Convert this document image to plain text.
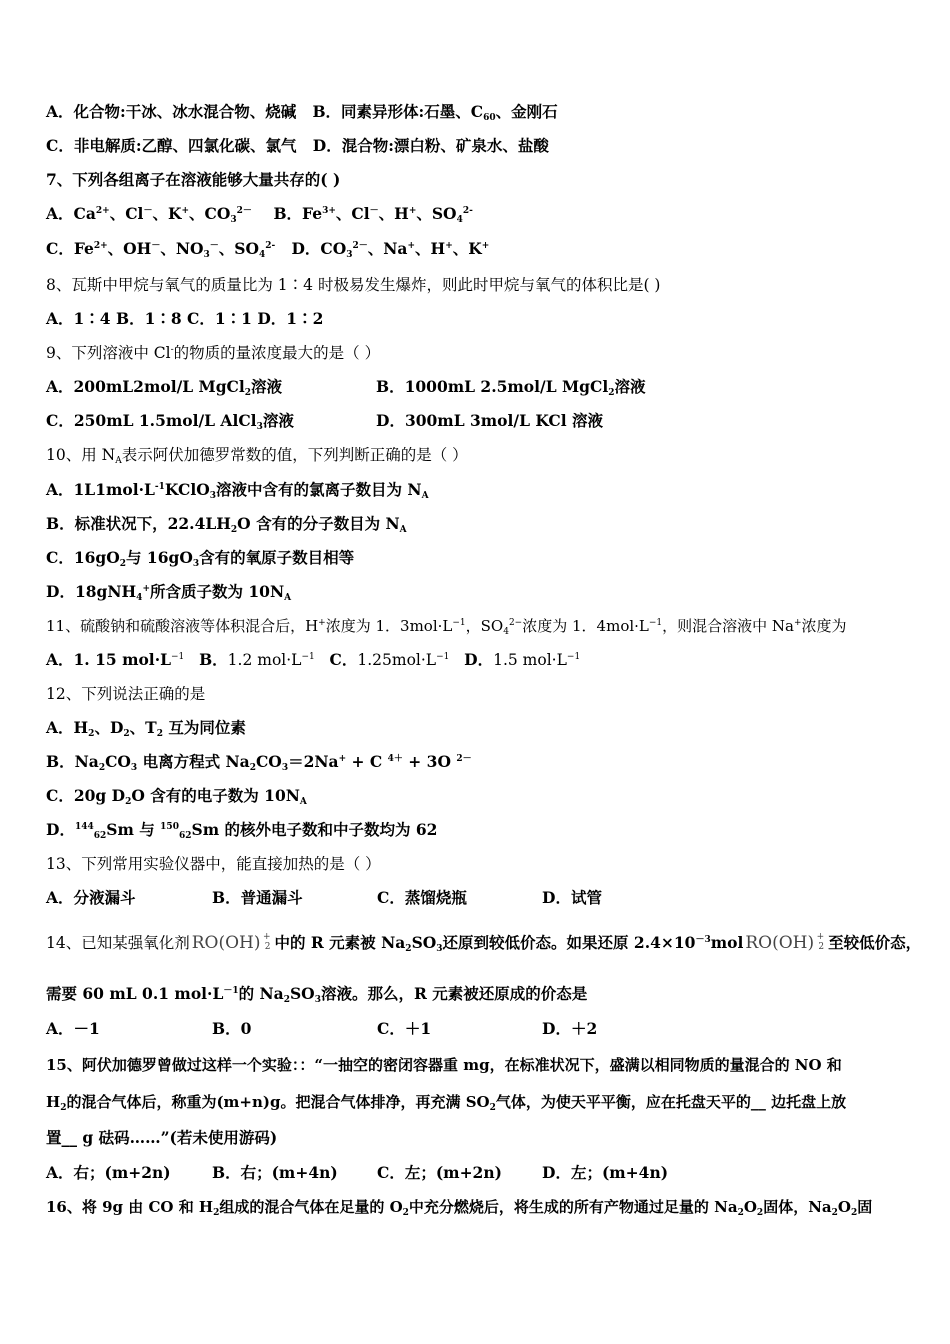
A．化合物:干冰、冰水混合物、烧碱 B．同素异形体:石墨、$C_{60}$、金刚石
C．非电解质:乙醇、四氯化碳、氯气 D．混合物:漂白粉、矿泉水、盐酸
7、下列各组离子在溶液能够大量共存的( )
A．$Ca^{2+}$、Cl－、K+、$CO_3^{2-}$    B．$Fe^{3+}$、Cl－、H+、$SO_4^{2-}$
C．$Fe^{2+}$、OH－、$NO_3^-$、$SO_4^{2-}$   D．$CO_3^{2-}$、Na+、H+、K+
8、瓦斯中甲烷与氧气的质量比为 1∶4 时极易发生爆炸，则此时甲烷与氧气的体积比是( )
A．1∶4 B．1∶8 C．1∶1 D．1∶2
9、下列溶液中 Cl-的物质的量浓度最大的是（ ）
A．200mL2mol/L MgCl$_2$溶液	B．1000mL 2.5mol/L MgCl$_2$溶液
C．250mL 1.5mol/L AlCl$_3$溶液	D．300mL 3mol/L KCl 溶液
10、用 $N_A$表示阿伏加德罗常数的值，下列判断正确的是（ ）
A．$1L1mol\cdot L^{-1}KClO_3$溶液中含有的氯离子数目为 $N_A$
B．标准状况下，$22.4LH_2O$ 含有的分子数目为 $N_A$
C．$16gO_2$与 $16gO_3$含有的氧原子数目相等
D．18gNH$_4$+所含质子数为 $10N_A$
11、硫酸钠和硫酸溶液等体积混合后，H+浓度为 1．$3mol\cdot L^{-1}$，$SO_4^{2-}$浓度为 1．$4mol\cdot L^{-1}$，则混合溶液中 Na+浓度为
A．1. 15 $mol\cdot L^{-1}$ B．1.2 $mol\cdot L^{-1}$ C．$1.25mol\cdot L^{-1}$ D．1.5 $mol\cdot L^{-1}$
12、下列说法正确的是
A．$H_2$、$D_2$、$T_2$ 互为同位素
B．$Na_2CO_3$ 电离方程式 $Na_2CO_3=2Na^+ + C$ $^{4+}$ + 3O $^{2-}$
C．20g $D_2O$ 含有的电子数为 $10N_A$
D．$^{144}_{62}$Sm 与 $^{150}_{62}$Sm 的核外电子数和中子数均为 62
13、下列常用实验仪器中，能直接加热的是（ ）
A．分液漏斗	B．普通漏斗	C．蒸馏烧瓶	D．试管
14、已知某强氧化剂 RO(OH) +
2 中的 R 元素被 $Na_2SO_3$还原到较低价态。如果还原 $2.4\times 10^{-3}mol$ RO(OH) +
2 至较低价态，
需要 60 mL 0.1 $mol\cdot L^{-1}$的 $Na_2SO_3$溶液。那么，R 元素被还原成的价态是
A．－1	B．0	C．＋1	D．＋2
15、阿伏加德罗曾做过这样一个实验：：“一抽空的密闭容器重 mg，在标准状况下，盛满以相同物质的量混合的 NO 和
$H_2$的混合气体后，称重为(m+n)g。把混合气体排净，再充满 $SO_2$气体，为使天平平衡，应在托盘天平的__ 边托盘上放
置__ g 砝码……”(若未使用游码)
A．右；(m+2n)	B．右；(m+4n)	C．左；(m+2n)	D．左；(m+4n)
16、将 9g 由 CO 和 $H_2$组成的混合气体在足量的 $O_2$中充分燃烧后，将生成的所有产物通过足量的 $Na_2O_2$固体，$Na_2O_2$固
